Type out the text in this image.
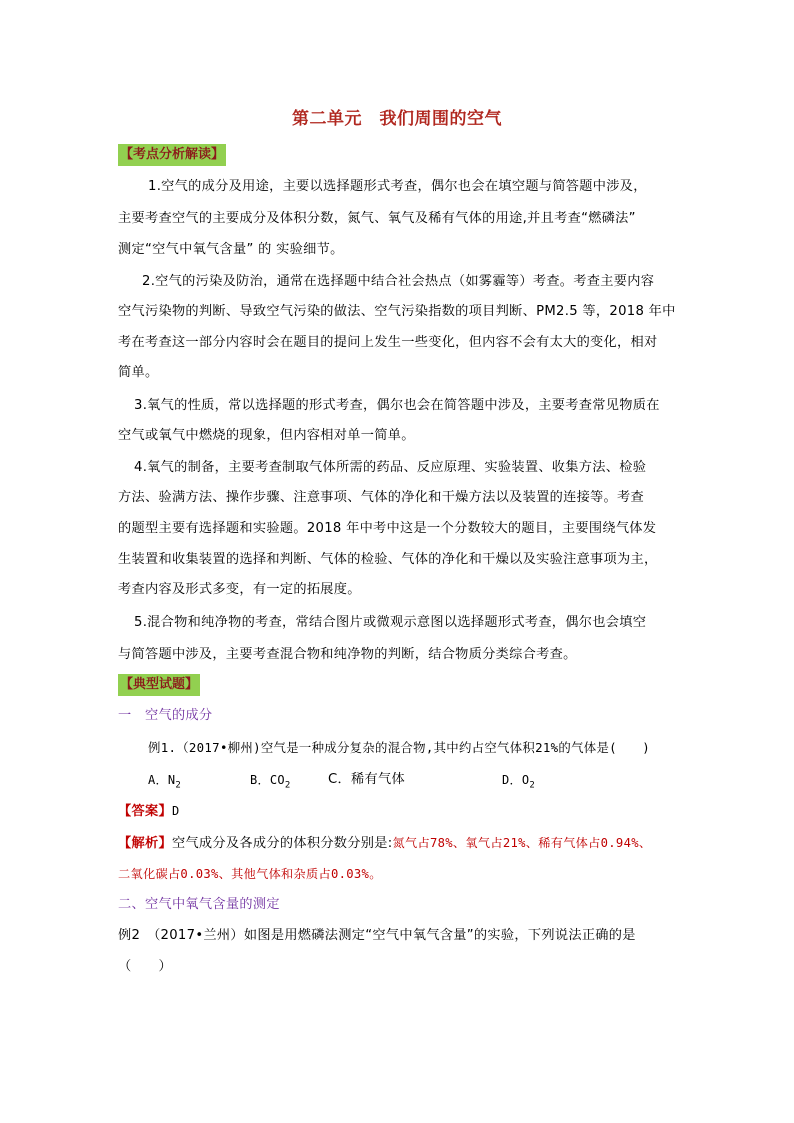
第二单元　我们周围的空气
【考点分析解读】
1.空气的成分及用途，主要以选择题形式考查，偶尔也会在填空题与简答题中涉及，
主要考查空气的主要成分及体积分数，氮气、氧气及稀有气体的用途,并且考查“燃磷法”
测定“空气中氧气含量” 的 实验细节。
2.空气的污染及防治，通常在选择题中结合社会热点（如雾霾等）考查。考查主要内容
空气污染物的判断、导致空气污染的做法、空气污染指数的项目判断、PM2.5 等，2018 年中
考在考查这一部分内容时会在题目的提问上发生一些变化，但内容不会有太大的变化，相对
简单。
3.氧气的性质，常以选择题的形式考查，偶尔也会在简答题中涉及，主要考查常见物质在
空气或氧气中燃烧的现象，但内容相对单一简单。
4.氧气的制备，主要考查制取气体所需的药品、反应原理、实验装置、收集方法、检验
方法、验满方法、操作步骤、注意事项、气体的净化和干燥方法以及装置的连接等。考查
的题型主要有选择题和实验题。2018 年中考中这是一个分数较大的题目，主要围绕气体发
生装置和收集装置的选择和判断、气体的检验、气体的净化和干燥以及实验注意事项为主，
考查内容及形式多变，有一定的拓展度。
5.混合物和纯净物的考查，常结合图片或微观示意图以选择题形式考查，偶尔也会填空
与简答题中涉及，主要考查混合物和纯净物的判断，结合物质分类综合考查。
【典型试题】
一　空气的成分
例1.（2017•柳州)空气是一种成分复杂的混合物,其中约占空气体积21%的气体是(　　)
A．$N_2$	B．$CO_2$	C．稀有气体	D．$O_2$
【答案】D
【解析】空气成分及各成分的体积分数分别是:氮气占78%、氧气占21%、稀有气体占0.94%、
二氧化碳占0.03%、其他气体和杂质占0.03%。
二、空气中氧气含量的测定
例2　（2017•兰州）如图是用燃磷法测定“空气中氧气含量”的实验，下列说法正确的是
（　　）
